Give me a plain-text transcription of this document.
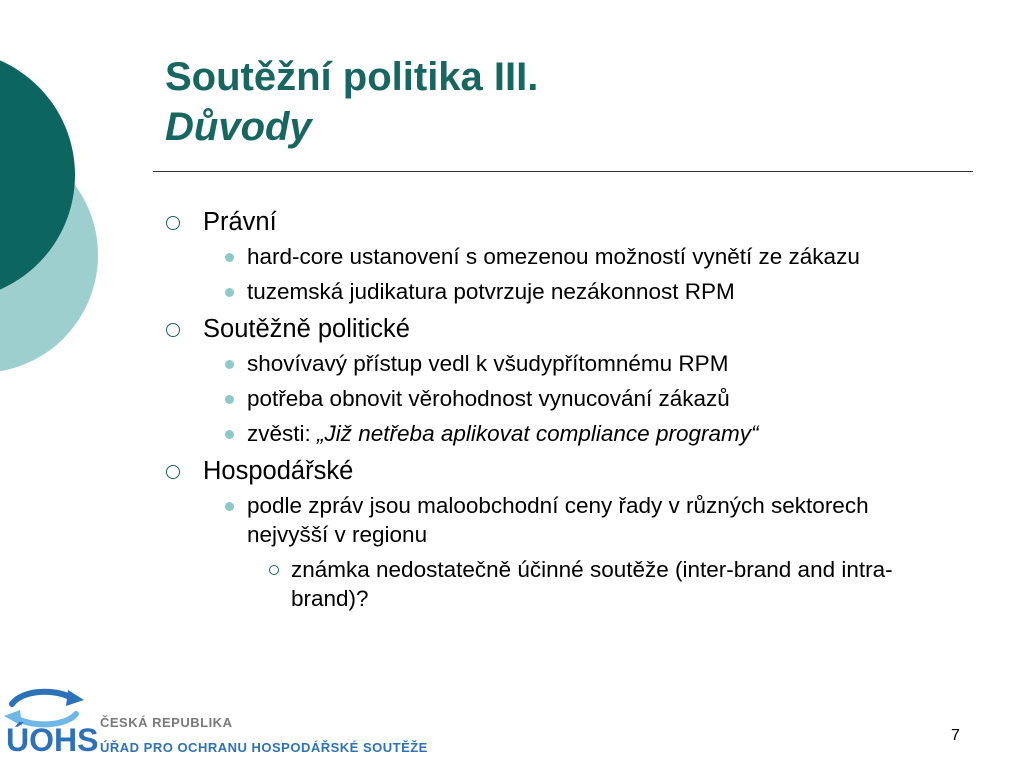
Soutěžní politika III.
Důvody
Právní
hard-core ustanovení s omezenou možností vynětí ze zákazu
tuzemská judikatura potvrzuje nezákonnost RPM
Soutěžně politické
shovívavý přístup vedl k všudypřítomnému RPM
potřeba obnovit věrohodnost vynucování zákazů
zvěsti: „Již netřeba aplikovat compliance programy“
Hospodářské
podle zpráv jsou maloobchodní ceny řady v různých sektorech nejvyšší v regionu
známka nedostatečně účinné soutěže (inter-brand and intra-brand)?
ÚOHS ČESKÁ REPUBLIKA
ÚŘAD PRO OCHRANU HOSPODÁŘSKÉ SOUTĚŽE
7
